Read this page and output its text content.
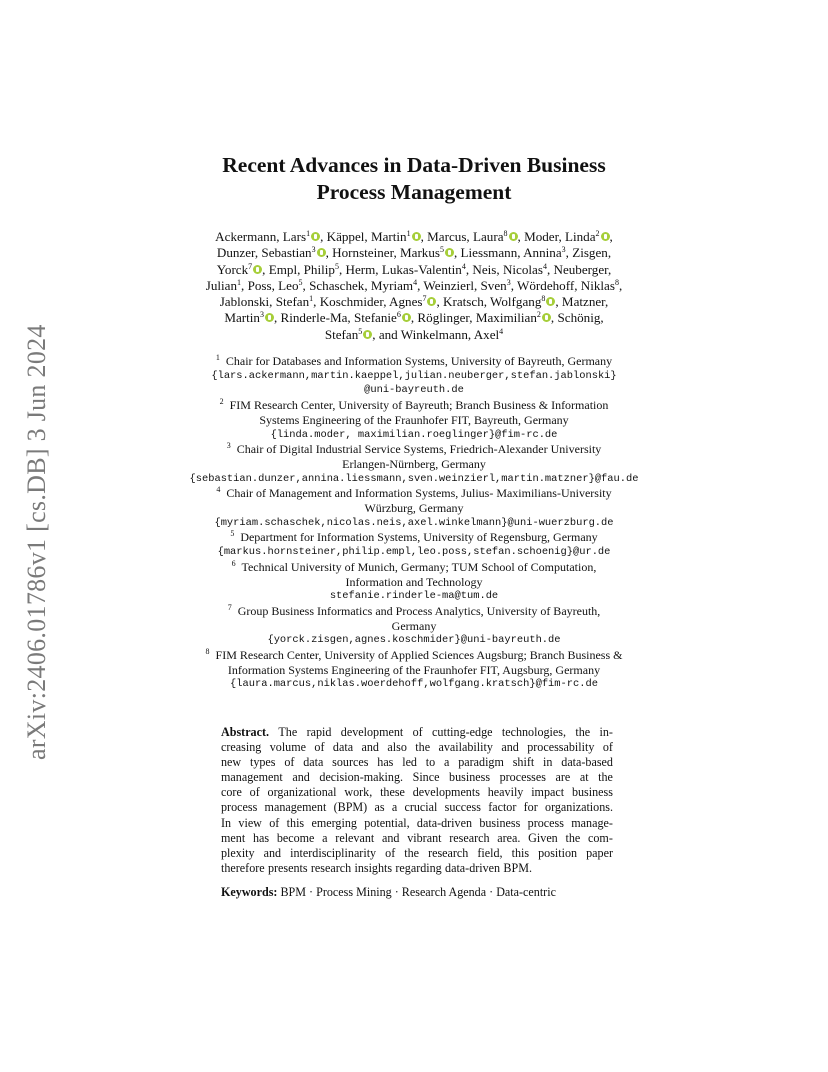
arXiv:2406.01786v1 [cs.DB] 3 Jun 2024
Recent Advances in Data-Driven Business
Process Management
Ackermann, Lars$^1$ , Käppel, Martin$^1$ , Marcus, Laura$^8$ , Moder, Linda$^2$ ,
Dunzer, Sebastian$^3$ , Hornsteiner, Markus$^5$ , Liessmann, Annina$^3$, Zisgen,
Yorck$^7$ , Empl, Philip$^5$, Herm, Lukas-Valentin$^4$, Neis, Nicolas$^4$, Neuberger,
Julian$^1$, Poss, Leo$^5$, Schaschek, Myriam$^4$, Weinzierl, Sven$^3$, Wördehoff, Niklas$^8$,
Jablonski, Stefan$^1$, Koschmider, Agnes$^7$ , Kratsch, Wolfgang$^8$ , Matzner,
Martin$^3$ , Rinderle-Ma, Stefanie$^6$ , Röglinger, Maximilian$^2$ , Schönig,
Stefan$^5$ , and Winkelmann, Axel$^4$
$^1$ Chair for Databases and Information Systems, University of Bayreuth, Germany
{lars.ackermann,martin.kaeppel,julian.neuberger,stefan.jablonski}
@uni-bayreuth.de
$^2$ FIM Research Center, University of Bayreuth; Branch Business & Information
Systems Engineering of the Fraunhofer FIT, Bayreuth, Germany
{linda.moder, maximilian.roeglinger}@fim-rc.de
$^3$ Chair of Digital Industrial Service Systems, Friedrich-Alexander University
Erlangen-Nürnberg, Germany
{sebastian.dunzer,annina.liessmann,sven.weinzierl,martin.matzner}@fau.de
$^4$ Chair of Management and Information Systems, Julius- Maximilians-University
Würzburg, Germany
{myriam.schaschek,nicolas.neis,axel.winkelmann}@uni-wuerzburg.de
$^5$ Department for Information Systems, University of Regensburg, Germany
{markus.hornsteiner,philip.empl,leo.poss,stefan.schoenig}@ur.de
$^6$ Technical University of Munich, Germany; TUM School of Computation,
Information and Technology
stefanie.rinderle-ma@tum.de
$^7$ Group Business Informatics and Process Analytics, University of Bayreuth,
Germany
{yorck.zisgen,agnes.koschmider}@uni-bayreuth.de
$^8$ FIM Research Center, University of Applied Sciences Augsburg; Branch Business &
Information Systems Engineering of the Fraunhofer FIT, Augsburg, Germany
{laura.marcus,niklas.woerdehoff,wolfgang.kratsch}@fim-rc.de
Abstract. The rapid development of cutting-edge technologies, the in-
creasing volume of data and also the availability and processability of
new types of data sources has led to a paradigm shift in data-based
management and decision-making. Since business processes are at the
core of organizational work, these developments heavily impact business
process management (BPM) as a crucial success factor for organizations.
In view of this emerging potential, data-driven business process manage-
ment has become a relevant and vibrant research area. Given the com-
plexity and interdisciplinarity of the research field, this position paper
therefore presents research insights regarding data-driven BPM.
Keywords: BPM · Process Mining · Research Agenda · Data-centric
